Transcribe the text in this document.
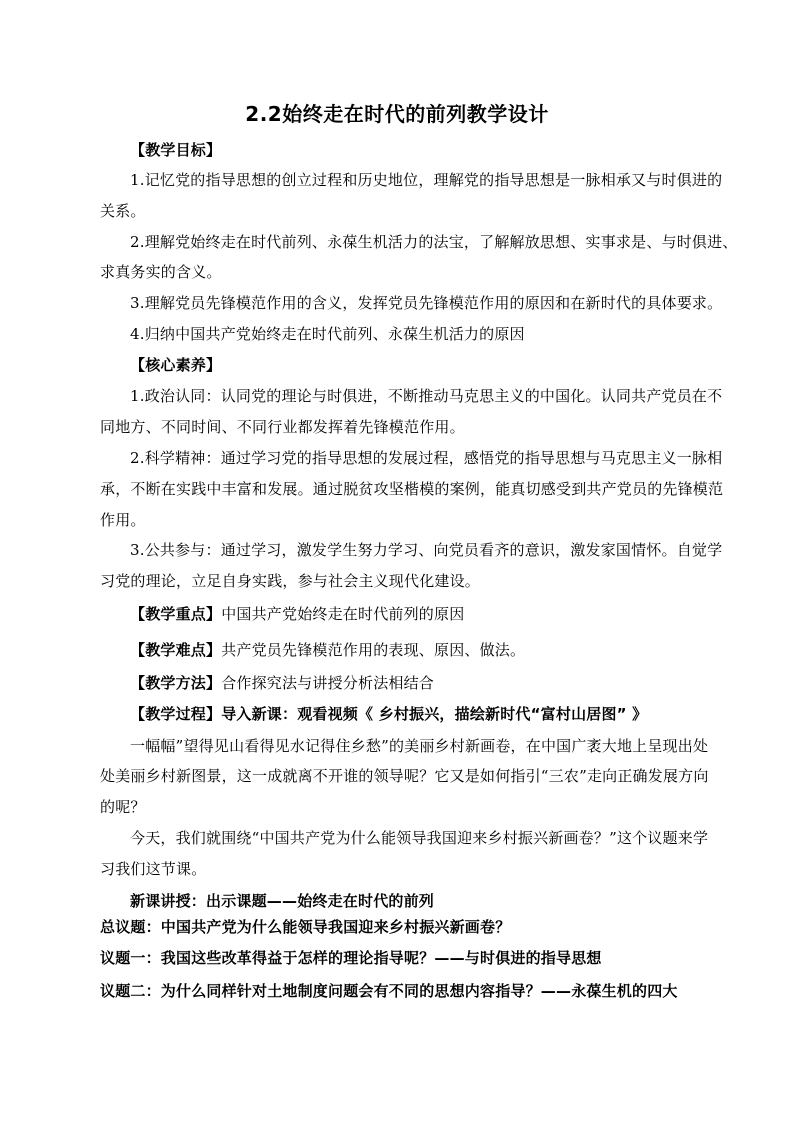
2.2始终走在时代的前列教学设计
【教学目标】
1.记忆党的指导思想的创立过程和历史地位，理解党的指导思想是一脉相承又与时俱进的
关系。
2.理解党始终走在时代前列、永葆生机活力的法宝，了解解放思想、实事求是、与时俱进、
求真务实的含义。
3.理解党员先锋模范作用的含义，发挥党员先锋模范作用的原因和在新时代的具体要求。
4.归纳中国共产党始终走在时代前列、永葆生机活力的原因
【核心素养】
1.政治认同：认同党的理论与时俱进，不断推动马克思主义的中国化。认同共产党员在不
同地方、不同时间、不同行业都发挥着先锋模范作用。
2.科学精神：通过学习党的指导思想的发展过程，感悟党的指导思想与马克思主义一脉相
承，不断在实践中丰富和发展。通过脱贫攻坚楷模的案例，能真切感受到共产党员的先锋模范
作用。
3.公共参与：通过学习，激发学生努力学习、向党员看齐的意识，激发家国情怀。自觉学
习党的理论，立足自身实践，参与社会主义现代化建设。
【教学重点】中国共产党始终走在时代前列的原因
【教学难点】共产党员先锋模范作用的表现、原因、做法。
【教学方法】合作探究法与讲授分析法相结合
【教学过程】导入新课：观看视频《 乡村振兴，描绘新时代“富村山居图” 》
一幅幅”望得见山看得见水记得住乡愁”的美丽乡村新画卷，在中国广袤大地上呈现出处
处美丽乡村新图景，这一成就离不开谁的领导呢？它又是如何指引“三农”走向正确发展方向
的呢？
今天，我们就围绕“中国共产党为什么能领导我国迎来乡村振兴新画卷？”这个议题来学
习我们这节课。
新课讲授：出示课题——始终走在时代的前列
总议题：中国共产党为什么能领导我国迎来乡村振兴新画卷？
议题一：我国这些改革得益于怎样的理论指导呢？——与时俱进的指导思想
议题二：为什么同样针对土地制度问题会有不同的思想内容指导？——永葆生机的四大
